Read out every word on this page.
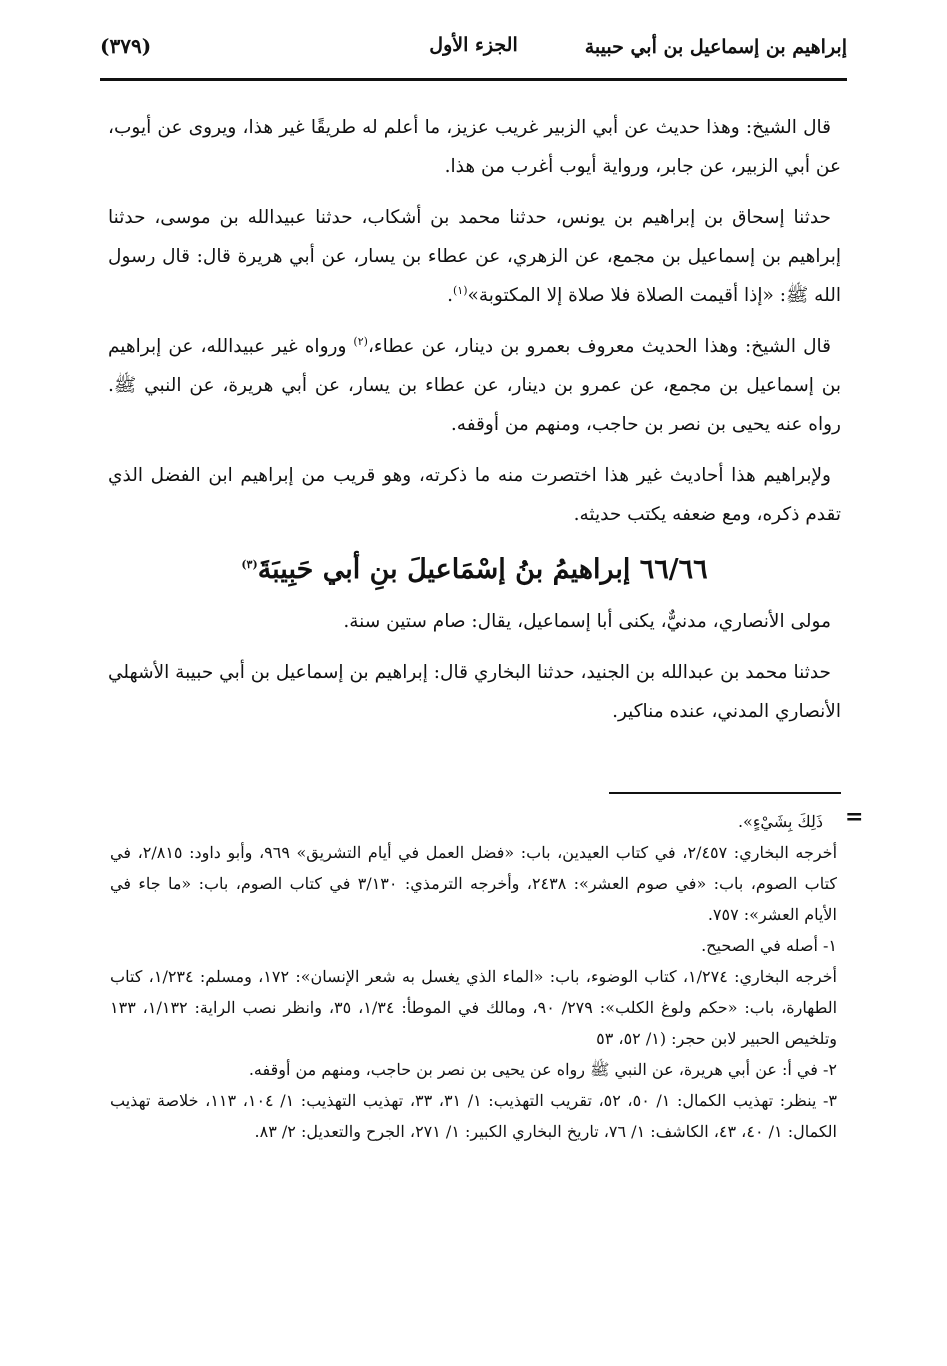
إبراهيم بن إسماعيل بن أبي حبيبة
الجزء الأول
(٣٧٩)

قال الشيخ: وهذا حديث عن أبي الزبير غريب عزيز، ما أعلم له طريقًا غير هذا، ويروى عن أيوب، عن أبي الزبير، عن جابر، ورواية أيوب أغرب من هذا.

حدثنا إسحاق بن إبراهيم بن يونس، حدثنا محمد بن أشكاب، حدثنا عبيدالله بن موسى، حدثنا إبراهيم بن إسماعيل بن مجمع، عن الزهري، عن عطاء بن يسار، عن أبي هريرة قال: قال رسول الله ﷺ: «إذا أقيمت الصلاة فلا صلاة إلا المكتوبة»$^{(١)}$.

قال الشيخ: وهذا الحديث معروف بعمرو بن دينار، عن عطاء،$^{(٢)}$ ورواه غير عبيدالله، عن إبراهيم بن إسماعيل بن مجمع، عن عمرو بن دينار، عن عطاء بن يسار، عن أبي هريرة، عن النبي ﷺ. رواه عنه يحيى بن نصر بن حاجب، ومنهم من أوقفه.

ولإبراهيم هذا أحاديث غير هذا اختصرت منه ما ذكرته، وهو قريب من إبراهيم ابن الفضل الذي تقدم ذكره، ومع ضعفه يكتب حديثه.

٦٦/٦٦ إبراهيمُ بنُ إسْمَاعيلَ بنِ أبي حَبِيبَةَ$^{(٣)}$

مولى الأنصاري، مدنيٌّ، يكنى أبا إسماعيل، يقال: صام ستين سنة.

حدثنا محمد بن عبدالله بن الجنيد، حدثنا البخاري قال: إبراهيم بن إسماعيل بن أبي حبيبة الأشهلي الأنصاري المدني، عنده مناكير.

=

ذَلِكَ بِشَيْءٍ».

أخرجه البخاري: ٢/٤٥٧، في كتاب العيدين، باب: «فضل العمل في أيام التشريق» ٩٦٩، وأبو داود: ٢/٨١٥، في كتاب الصوم، باب: «في صوم العشر»: ٢٤٣٨، وأخرجه الترمذي: ٣/١٣٠ في كتاب الصوم، باب: «ما جاء في الأيام العشر»: ٧٥٧.

١- أصله في الصحيح.

أخرجه البخاري: ١/٢٧٤، كتاب الوضوء، باب: «الماء الذي يغسل به شعر الإنسان»: ١٧٢، ومسلم: ١/٢٣٤، كتاب الطهارة، باب: «حكم ولوغ الكلب»: ٢٧٩/ ٩٠، ومالك في الموطأ: ١/٣٤، ٣٥، وانظر نصب الراية: ١/١٣٢، ١٣٣ وتلخيص الحبير لابن حجر: (١/ ٥٢، ٥٣

٢- في أ: عن أبي هريرة، عن النبي ﷺ رواه عن يحيى بن نصر بن حاجب، ومنهم من أوقفه.

٣- ينظر: تهذيب الكمال: ١/ ٥٠، ٥٢، تقريب التهذيب: ١/ ٣١، ٣٣، تهذيب التهذيب: ١/ ١٠٤، ١١٣، خلاصة تهذيب الكمال: ١/ ٤٠، ٤٣، الكاشف: ١/ ٧٦، تاريخ البخاري الكبير: ١/ ٢٧١، الجرح والتعديل: ٢/ ٨٣.
